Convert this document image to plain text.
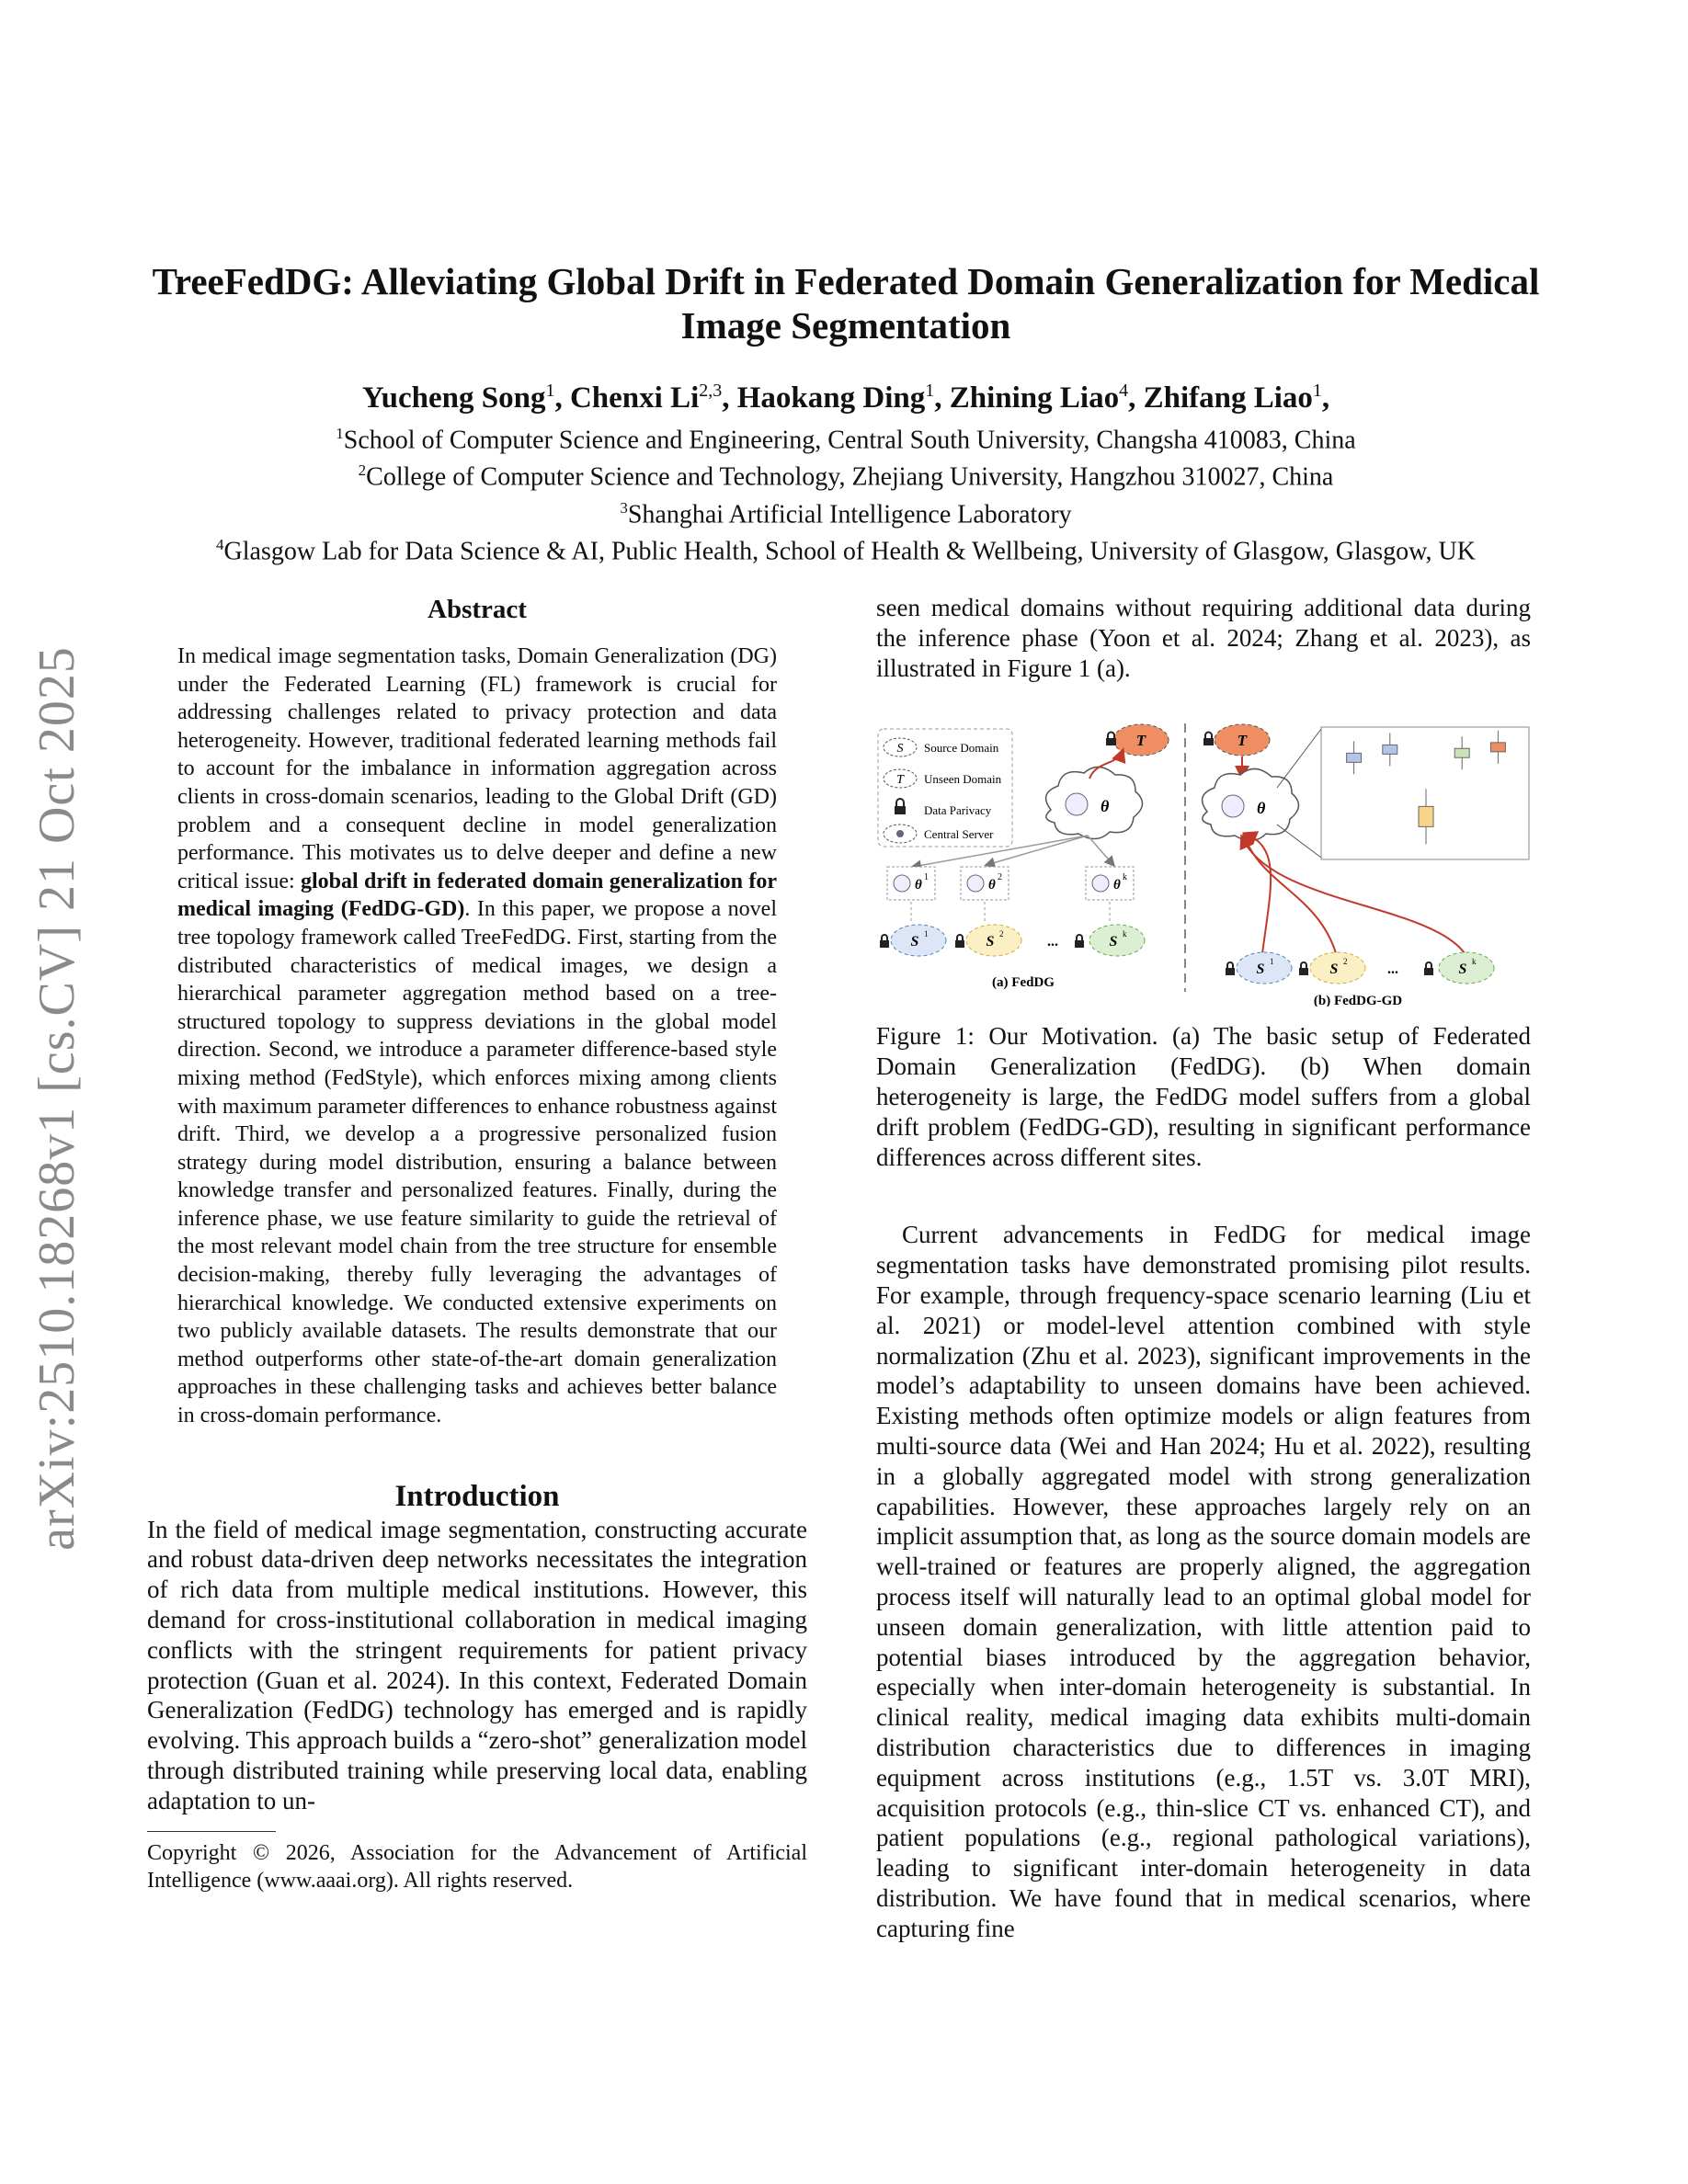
arXiv:2510.18268v1 [cs.CV] 21 Oct 2025
TreeFedDG: Alleviating Global Drift in Federated Domain Generalization for Medical Image Segmentation
Yucheng Song$^1$, Chenxi Li$^{2,3}$, Haokang Ding$^1$, Zhining Liao$^4$, Zhifang Liao$^1$,
$^1$School of Computer Science and Engineering, Central South University, Changsha 410083, China
$^2$College of Computer Science and Technology, Zhejiang University, Hangzhou 310027, China
$^3$Shanghai Artificial Intelligence Laboratory
$^4$Glasgow Lab for Data Science & AI, Public Health, School of Health & Wellbeing, University of Glasgow, Glasgow, UK
Abstract
In medical image segmentation tasks, Domain Generalization (DG) under the Federated Learning (FL) framework is crucial for addressing challenges related to privacy protection and data heterogeneity. However, traditional federated learning methods fail to account for the imbalance in information aggregation across clients in cross-domain scenarios, leading to the Global Drift (GD) problem and a consequent decline in model generalization performance. This motivates us to delve deeper and define a new critical issue: global drift in federated domain generalization for medical imaging (FedDG-GD). In this paper, we propose a novel tree topology framework called TreeFedDG. First, starting from the distributed characteristics of medical images, we design a hierarchical parameter aggregation method based on a tree-structured topology to suppress deviations in the global model direction. Second, we introduce a parameter difference-based style mixing method (FedStyle), which enforces mixing among clients with maximum parameter differences to enhance robustness against drift. Third, we develop a a progressive personalized fusion strategy during model distribution, ensuring a balance between knowledge transfer and personalized features. Finally, during the inference phase, we use feature similarity to guide the retrieval of the most relevant model chain from the tree structure for ensemble decision-making, thereby fully leveraging the advantages of hierarchical knowledge. We conducted extensive experiments on two publicly available datasets. The results demonstrate that our method outperforms other state-of-the-art domain generalization approaches in these challenging tasks and achieves better balance in cross-domain performance.
Introduction

In the field of medical image segmentation, constructing accurate and robust data-driven deep networks necessitates the integration of rich data from multiple medical institutions. However, this demand for cross-institutional collaboration in medical imaging conflicts with the stringent requirements for patient privacy protection (Guan et al. 2024). In this context, Federated Domain Generalization (FedDG) technology has emerged and is rapidly evolving. This approach builds a “zero-shot” generalization model through distributed training while preserving local data, enabling adaptation to un-

Copyright © 2026, Association for the Advancement of Artificial Intelligence (www.aaai.org). All rights reserved.

seen medical domains without requiring additional data during the inference phase (Yoon et al. 2024; Zhang et al. 2023), as illustrated in Figure 1 (a).

S Source Domain
T Unseen Domain
Data Parivacy
Central Server
θ
T
θ
1
θ
2
θ
k
S 1	S 2	...	S k
(a) FedDG
T
θ
S 1	S 2	...	S k
(b) FedDG-GD
Figure 1: Our Motivation. (a) The basic setup of Federated Domain Generalization (FedDG). (b) When domain heterogeneity is large, the FedDG model suffers from a global drift problem (FedDG-GD), resulting in significant performance differences across different sites.

Current advancements in FedDG for medical image segmentation tasks have demonstrated promising pilot results. For example, through frequency-space scenario learning (Liu et al. 2021) or model-level attention combined with style normalization (Zhu et al. 2023), significant improvements in the model’s adaptability to unseen domains have been achieved. Existing methods often optimize models or align features from multi-source data (Wei and Han 2024; Hu et al. 2022), resulting in a globally aggregated model with strong generalization capabilities. However, these approaches largely rely on an implicit assumption that, as long as the source domain models are well-trained or features are properly aligned, the aggregation process itself will naturally lead to an optimal global model for unseen domain generalization, with little attention paid to potential biases introduced by the aggregation behavior, especially when inter-domain heterogeneity is substantial. In clinical reality, medical imaging data exhibits multi-domain distribution characteristics due to differences in imaging equipment across institutions (e.g., 1.5T vs. 3.0T MRI), acquisition protocols (e.g., thin-slice CT vs. enhanced CT), and patient populations (e.g., regional pathological variations), leading to significant inter-domain heterogeneity in data distribution. We have found that in medical scenarios, where capturing fine
